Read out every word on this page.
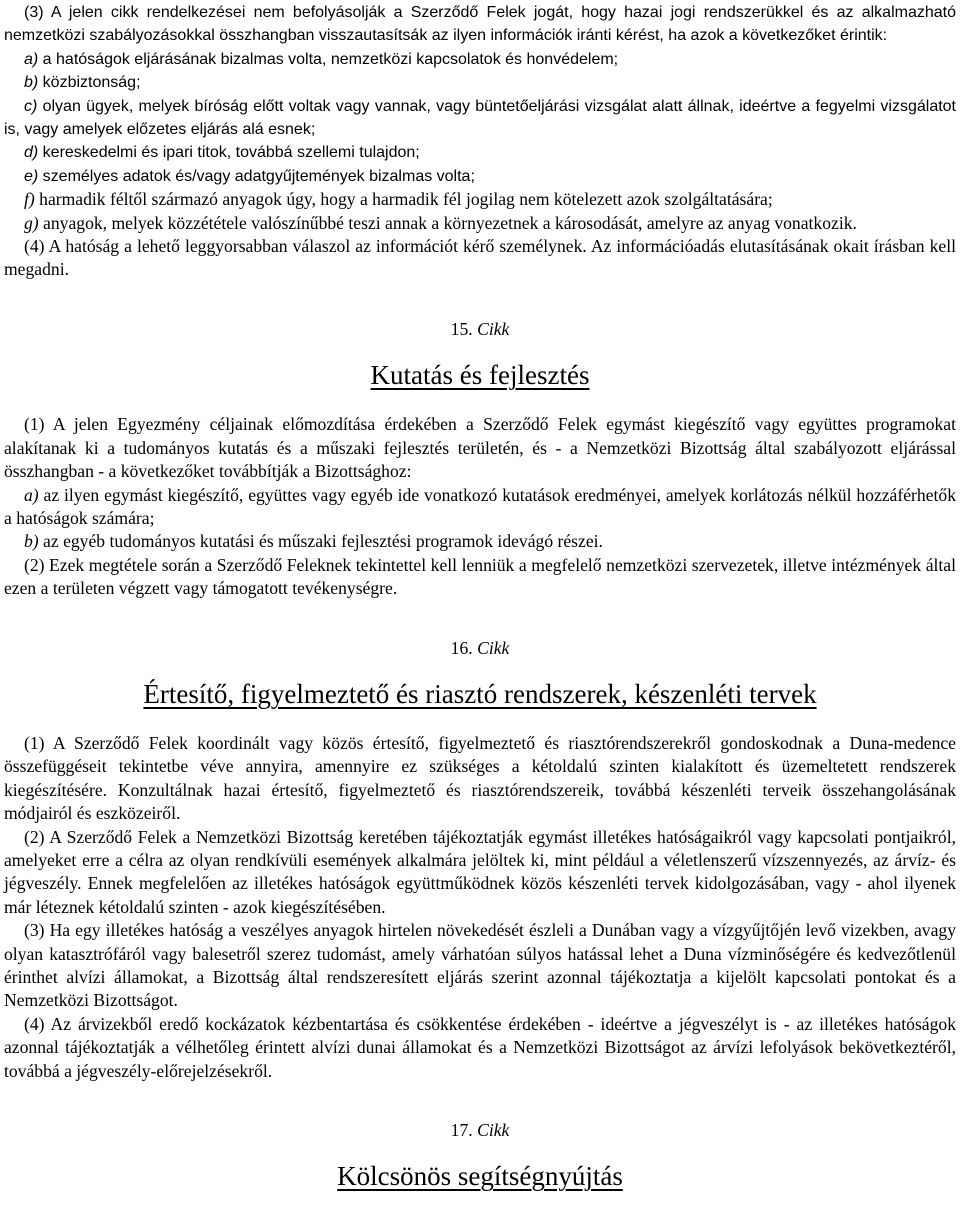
(3) A jelen cikk rendelkezései nem befolyásolják a Szerződő Felek jogát, hogy hazai jogi rendszerükkel és az alkalmazható nemzetközi szabályozásokkal összhangban visszautasítsák az ilyen információk iránti kérést, ha azok a következőket érintik:

a) a hatóságok eljárásának bizalmas volta, nemzetközi kapcsolatok és honvédelem;

b) közbiztonság;

c) olyan ügyek, melyek bíróság előtt voltak vagy vannak, vagy büntetőeljárási vizsgálat alatt állnak, ideértve a fegyelmi vizsgálatot is, vagy amelyek előzetes eljárás alá esnek;

d) kereskedelmi és ipari titok, továbbá szellemi tulajdon;

e) személyes adatok és/vagy adatgyűjtemények bizalmas volta;

f) harmadik féltől származó anyagok úgy, hogy a harmadik fél jogilag nem kötelezett azok szolgáltatására;

g) anyagok, melyek közzététele valószínűbbé teszi annak a környezetnek a károsodását, amelyre az anyag vonatkozik.

(4) A hatóság a lehető leggyorsabban válaszol az információt kérő személynek. Az információadás elutasításának okait írásban kell megadni.

15. Cikk

Kutatás és fejlesztés

(1) A jelen Egyezmény céljainak előmozdítása érdekében a Szerződő Felek egymást kiegészítő vagy együttes programokat alakítanak ki a tudományos kutatás és a műszaki fejlesztés területén, és - a Nemzetközi Bizottság által szabályozott eljárással összhangban - a következőket továbbítják a Bizottsághoz:

a) az ilyen egymást kiegészítő, együttes vagy egyéb ide vonatkozó kutatások eredményei, amelyek korlátozás nélkül hozzáférhetők a hatóságok számára;

b) az egyéb tudományos kutatási és műszaki fejlesztési programok idevágó részei.

(2) Ezek megtétele során a Szerződő Feleknek tekintettel kell lenniük a megfelelő nemzetközi szervezetek, illetve intézmények által ezen a területen végzett vagy támogatott tevékenységre.

16. Cikk

Értesítő, figyelmeztető és riasztó rendszerek, készenléti tervek

(1) A Szerződő Felek koordinált vagy közös értesítő, figyelmeztető és riasztórendszerekről gondoskodnak a Duna-medence összefüggéseit tekintetbe véve annyira, amennyire ez szükséges a kétoldalú szinten kialakított és üzemeltetett rendszerek kiegészítésére. Konzultálnak hazai értesítő, figyelmeztető és riasztórendszereik, továbbá készenléti terveik összehangolásának módjairól és eszközeiről.

(2) A Szerződő Felek a Nemzetközi Bizottság keretében tájékoztatják egymást illetékes hatóságaikról vagy kapcsolati pontjaikról, amelyeket erre a célra az olyan rendkívüli események alkalmára jelöltek ki, mint például a véletlenszerű vízszennyezés, az árvíz- és jégveszély. Ennek megfelelően az illetékes hatóságok együttműködnek közös készenléti tervek kidolgozásában, vagy - ahol ilyenek már léteznek kétoldalú szinten - azok kiegészítésében.

(3) Ha egy illetékes hatóság a veszélyes anyagok hirtelen növekedését észleli a Dunában vagy a vízgyűjtőjén levő vizekben, avagy olyan katasztrófáról vagy balesetről szerez tudomást, amely várhatóan súlyos hatással lehet a Duna vízminőségére és kedvezőtlenül érinthet alvízi államokat, a Bizottság által rendszeresített eljárás szerint azonnal tájékoztatja a kijelölt kapcsolati pontokat és a Nemzetközi Bizottságot.

(4) Az árvizekből eredő kockázatok kézbentartása és csökkentése érdekében - ideértve a jégveszélyt is - az illetékes hatóságok azonnal tájékoztatják a vélhetőleg érintett alvízi dunai államokat és a Nemzetközi Bizottságot az árvízi lefolyások bekövetkeztéről, továbbá a jégveszély-előrejelzésekről.

17. Cikk

Kölcsönös segítségnyújtás
